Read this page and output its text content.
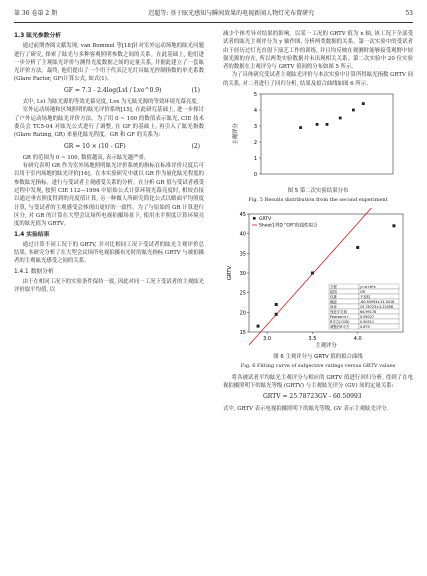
第 36 卷第 2 期	迟超等: 基于眩光感知与瞬间效果的电视新闻人物灯光布置研究	53
1.3 眩光参数分析

通过前期查阅文献发现, van Bommel 等[18]针对室外运动场地的眩光问题进行了研究, 探索了眩光与多种客观照明参数之间的关系。在此基础上, 他们进一步分析了主观眩光评价与测得光度数据之间的定量关系, 并据此建立了一套眩光评价方法。最终, 他们提出了一个用于代表泛光灯具眩光控制指数的单光系数(Glare Factor, GF)计算公式, 如式(1)。

GF = 7.3 - 2.4log(Lvl / Lve^0.9)	(1)

式中, Lvl 为眩光源的等效光幕亮度, Lve 为无眩光源的等效环境光幕亮度。

室外运动场地和区域照明的眩光评价系统[15], 在此研究基础上, 进一步探讨了户外运动场地的眩光评价方法。为了用 0 ~ 100 的数值表示眩光, CIE 技术委员会 TC5-04 对眩光公式进行了调整, 在 GF 的基础上, 再引入了眩光指数 (Glare Rating, GR) 来量化眩光程度。GR 和 GF 的关系为:

GR = 10 × (10 - GF)	(2)

GR 的范围为 0 ~ 100, 数值越高, 表示眩光越严重。

有研究表明 GR 作为室外场地照明眩光评价系统的指标在标准评价尺度后可以用于室内场地的眩光评价[16]。在本实验研究中就以 GR 作为量化眩光程度的参数眩光指标。进行与受试者主观感受关系的分析。在分析 GR 值与受试者感受过程中发现, 按照 CIE 112—1994 中原始公式计算环境光幕亮度时, 相较直接以通过垂直照度得到的亮度值计算, 另一种做人所研究简化公式以略面平均照度计算, 与受试者的主观感受会体现出更好的一致性。为了与原始的 GR 计算进行区分, 对 GR 的计算在大型会议场所电视拍摄场景下, 使用水平照度计算环境亮度的眩光值为 GRTV。

1.4 实验结果

通过计算不同工况下的 GRTV, 并对比相同工况下受试者的眩光主观评价总结果, 本研究分析了在大型会议场所电视拍摄布光时的眩光指标 GRTV 与被拍摄者的主观眩光感受之间的关系。

1.4.1 数据分析

由于在相同工况下的实验条件保持一致, 因此对同一工况下受试者的主观眩光评价取平均值, 以

减少个体差异对结果的影响。以某一工况的 GRTV 值为 x 轴, 该工况下全部受试者的眩光主观评分为 y 轴作图, 分析两类数据的关系。第一次实验中的受试者由于经历过灯光直射下演艺工作的训练, 并且均反映在观测时能够接受观野中较强光源的存在, 所以两类实验数据并未出现相关关系。第二次实验中 20 位实验者的数据在主观评分与 GRTV 值间的分布如图 5 所示。

为了具体研究受试者主观眩光评价与本次实验中计算所得眩光指数 GRTV 间的关系, 对二者进行了回归分析, 结果及拟合曲线如图 6 所示。

0
1
2
3
4
5
主观评分
图 5 第二次实验结果分布
Fig. 5 Results distribution from the second experiment
15
20
25
30
35
40
45
3.0	3.5	4.0
主观评分
GRTV
GRTV
Sheet1列D "GR"的线性拟合
方程	y=a+b*x
绘图	GR
权重	不加权
截距	-60.50993±11.0418
斜率	25.78723±3.23098
残差平方和	64.99178
Pearson's r	0.95027
R平方(COD)	0.90311
调整后R平方	0.879
图 6 主观评分与 GRTV 值的拟合曲线
Fig. 6 Fitting curve of subjective ratings versus GRTV values

将各被试者平均眩光主观评分与相应的 GRTV 值进行回归分析, 得到了在电视拍摄照明下的眩光等级 (GRTV) 与主观眩光评分 (GV) 间的定量关系:

GRTV = 25.78723GV - 60.50993

式中, GRTV 表示电视拍摄照明下的眩光等级, GV 表示主观眩光评分。
